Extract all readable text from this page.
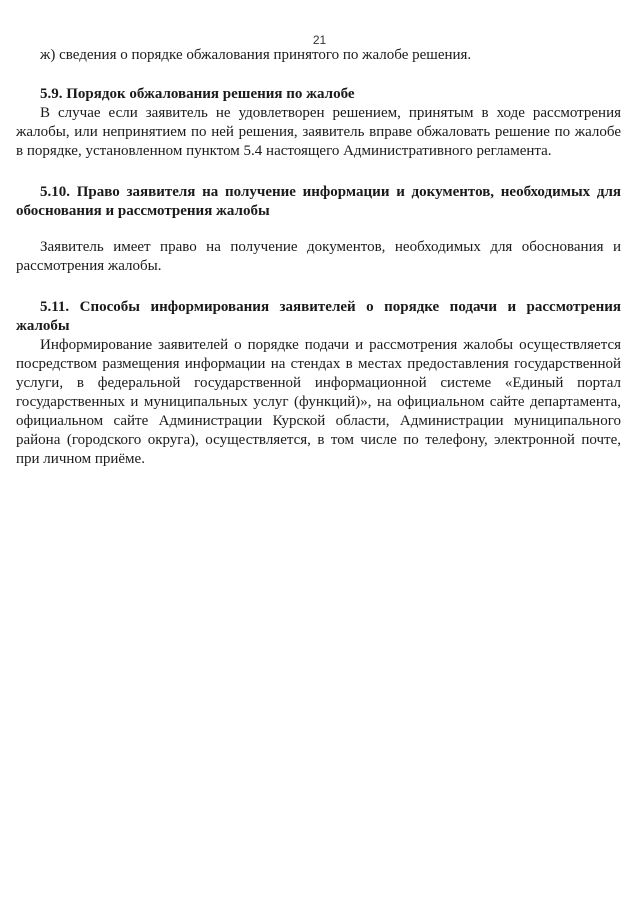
21

ж) сведения о порядке обжалования принятого по жалобе решения.

5.9. Порядок обжалования решения по жалобе

В случае если заявитель не удовлетворен решением, принятым в ходе рассмотрения жалобы, или непринятием по ней решения, заявитель вправе обжаловать решение по жалобе в порядке, установленном пунктом 5.4 настоящего Административного регламента.

5.10. Право заявителя на получение информации и документов, необходимых для обоснования и рассмотрения жалобы

Заявитель имеет право на получение документов, необходимых для обоснования и рассмотрения жалобы.

5.11. Способы информирования заявителей о порядке подачи и рассмотрения жалобы

Информирование заявителей о порядке подачи и рассмотрения жалобы осуществляется посредством размещения информации на стендах в местах предоставления государственной услуги, в федеральной государственной информационной системе «Единый портал государственных и муниципальных услуг (функций)», на официальном сайте департамента, официальном сайте Администрации Курской области, Администрации муниципального района (городского округа), осуществляется, в том числе по телефону, электронной почте, при личном приёме.
